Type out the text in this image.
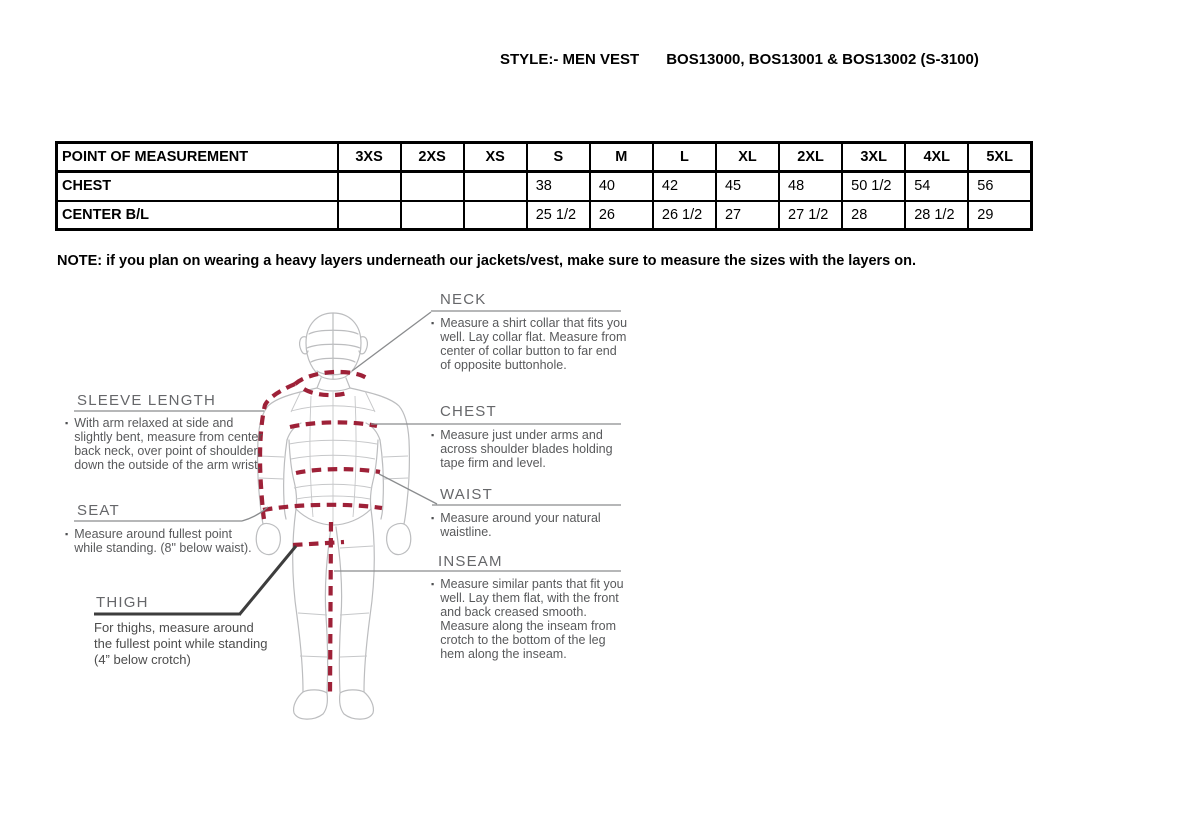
STYLE:- MEN VEST BOS13000, BOS13001 & BOS13002 (S-3100)
POINT OF MEASUREMENT	3XS	2XS	XS	S	M	L	XL	2XL	3XL	4XL	5XL
CHEST				38	40	42	45	48	50 1/2	54	56
CENTER B/L				25 1/2	26	26 1/2	27	27 1/2	28	28 1/2	29
NOTE: if you plan on wearing a heavy layers underneath our jackets/vest, make sure to measure the sizes with the layers on.
NECK
▪ Measure a shirt collar that fits you well. Lay collar flat. Measure from center of collar button to far end of opposite buttonhole.
SLEEVE LENGTH
▪ With arm relaxed at side and slightly bent, measure from center back neck, over point of shoulder, down the outside of the arm wrist.
CHEST
▪ Measure just under arms and across shoulder blades holding tape firm and level.
WAIST
▪ Measure around your natural waistline.
SEAT
▪ Measure around fullest point while standing. (8" below waist).
INSEAM
▪ Measure similar pants that fit you well. Lay them flat, with the front and back creased smooth. Measure along the inseam from crotch to the bottom of the leg hem along the inseam.
THIGH
For thighs, measure around the fullest point while standing (4” below crotch)
